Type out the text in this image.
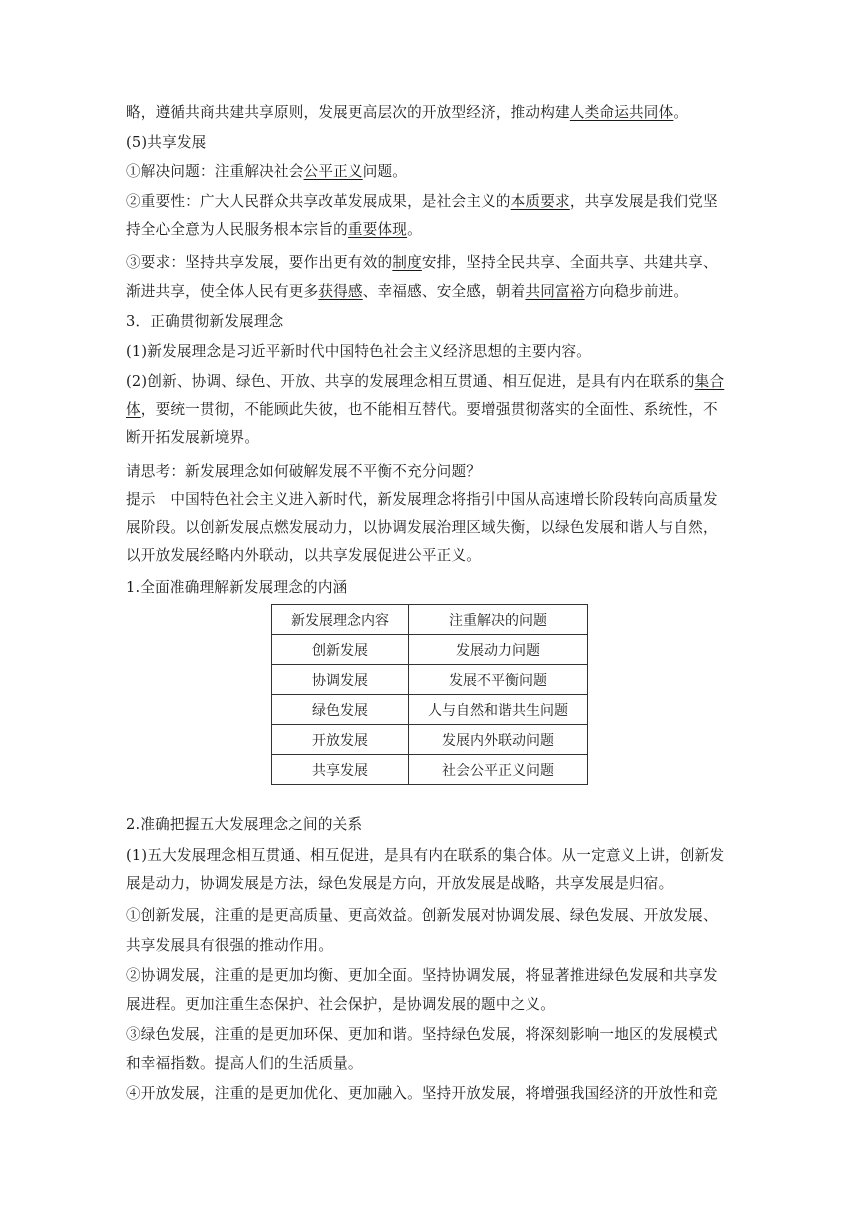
略，遵循共商共建共享原则，发展更高层次的开放型经济，推动构建人类命运共同体。
(5)共享发展
①解决问题：注重解决社会公平正义问题。
②重要性：广大人民群众共享改革发展成果，是社会主义的本质要求，共享发展是我们党坚
持全心全意为人民服务根本宗旨的重要体现。
③要求：坚持共享发展，要作出更有效的制度安排，坚持全民共享、全面共享、共建共享、
渐进共享，使全体人民有更多获得感、幸福感、安全感，朝着共同富裕方向稳步前进。
3．正确贯彻新发展理念
(1)新发展理念是习近平新时代中国特色社会主义经济思想的主要内容。
(2)创新、协调、绿色、开放、共享的发展理念相互贯通、相互促进，是具有内在联系的集合
体，要统一贯彻，不能顾此失彼，也不能相互替代。要增强贯彻落实的全面性、系统性，不
断开拓发展新境界。
请思考：新发展理念如何破解发展不平衡不充分问题？
提示　中国特色社会主义进入新时代，新发展理念将指引中国从高速增长阶段转向高质量发
展阶段。以创新发展点燃发展动力，以协调发展治理区域失衡，以绿色发展和谐人与自然，
以开放发展经略内外联动，以共享发展促进公平正义。
1.全面准确理解新发展理念的内涵
新发展理念内容	注重解决的问题
创新发展	发展动力问题
协调发展	发展不平衡问题
绿色发展	人与自然和谐共生问题
开放发展	发展内外联动问题
共享发展	社会公平正义问题
2.准确把握五大发展理念之间的关系
(1)五大发展理念相互贯通、相互促进，是具有内在联系的集合体。从一定意义上讲，创新发
展是动力，协调发展是方法，绿色发展是方向，开放发展是战略，共享发展是归宿。
①创新发展，注重的是更高质量、更高效益。创新发展对协调发展、绿色发展、开放发展、
共享发展具有很强的推动作用。
②协调发展，注重的是更加均衡、更加全面。坚持协调发展，将显著推进绿色发展和共享发
展进程。更加注重生态保护、社会保护，是协调发展的题中之义。
③绿色发展，注重的是更加环保、更加和谐。坚持绿色发展，将深刻影响一地区的发展模式
和幸福指数。提高人们的生活质量。
④开放发展，注重的是更加优化、更加融入。坚持开放发展，将增强我国经济的开放性和竞
